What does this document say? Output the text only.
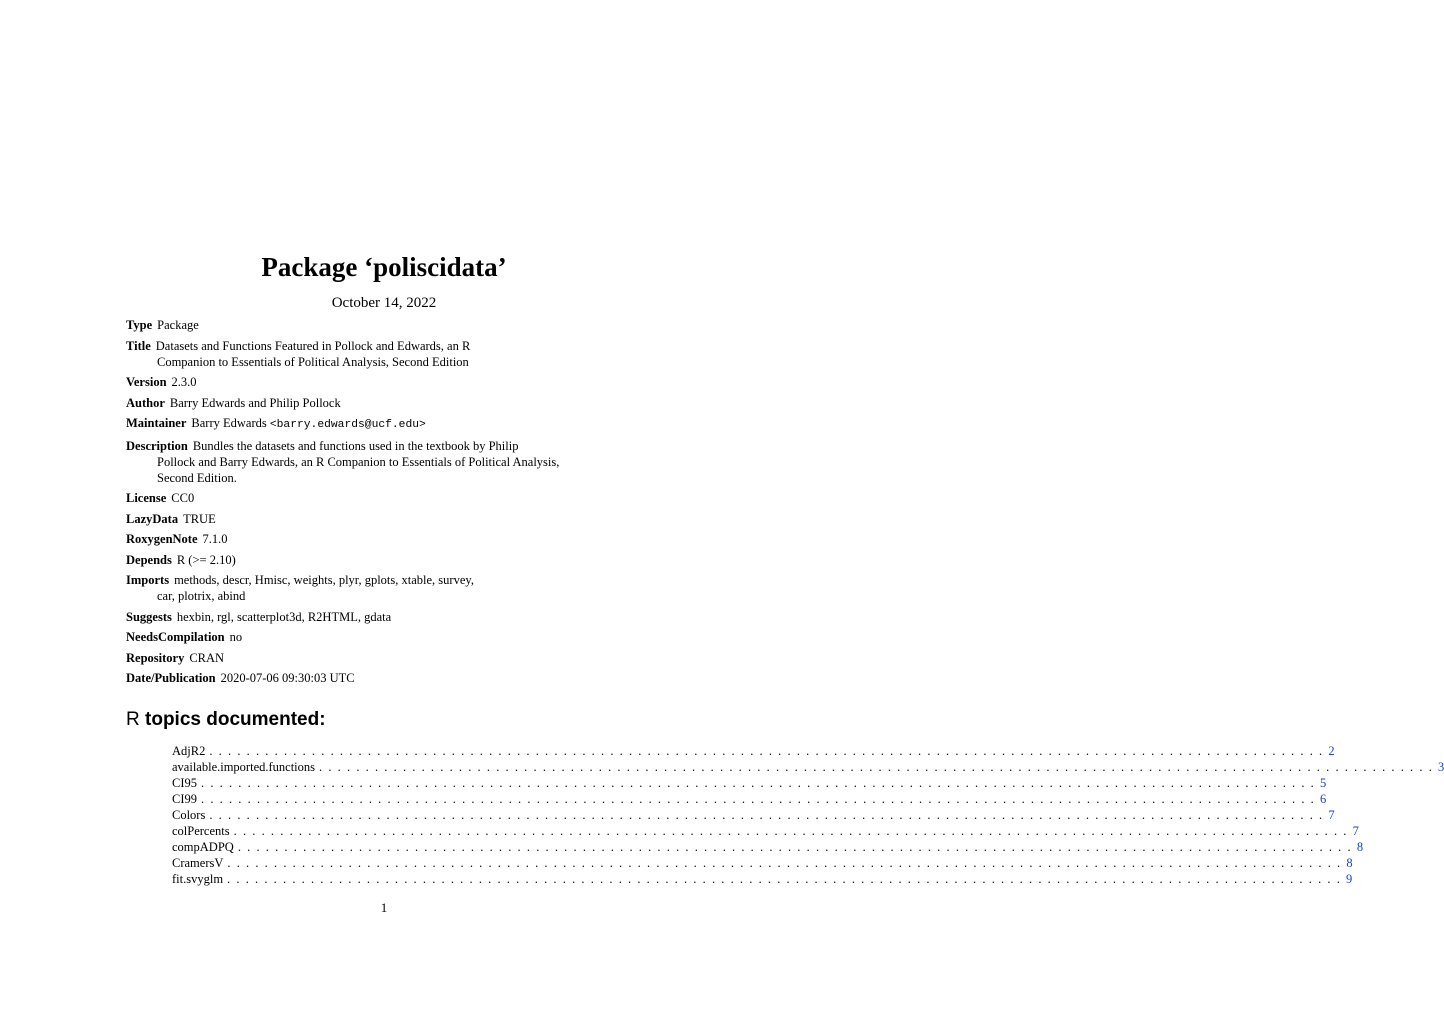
Package ‘poliscidata’
October 14, 2022
Type Package
Title Datasets and Functions Featured in Pollock and Edwards, an R
Companion to Essentials of Political Analysis, Second Edition
Version 2.3.0
Author Barry Edwards and Philip Pollock
Maintainer Barry Edwards <barry.edwards@ucf.edu>
Description Bundles the datasets and functions used in the textbook by Philip
Pollock and Barry Edwards, an R Companion to Essentials of Political Analysis,
Second Edition.
License CC0
LazyData TRUE
RoxygenNote 7.1.0
Depends R (>= 2.10)
Imports methods, descr, Hmisc, weights, plyr, gplots, xtable, survey,
car, plotrix, abind
Suggests hexbin, rgl, scatterplot3d, R2HTML, gdata
NeedsCompilation no
Repository CRAN
Date/Publication 2020-07-06 09:30:03 UTC
R topics documented:
AdjR2 ........................................................................................................................ 2
available.imported.functions ........................................................................................................................ 3
CI95 ........................................................................................................................ 5
CI99 ........................................................................................................................ 6
Colors ........................................................................................................................ 7
colPercents ........................................................................................................................ 7
compADPQ ........................................................................................................................ 8
CramersV ........................................................................................................................ 8
fit.svyglm ........................................................................................................................ 9
1
